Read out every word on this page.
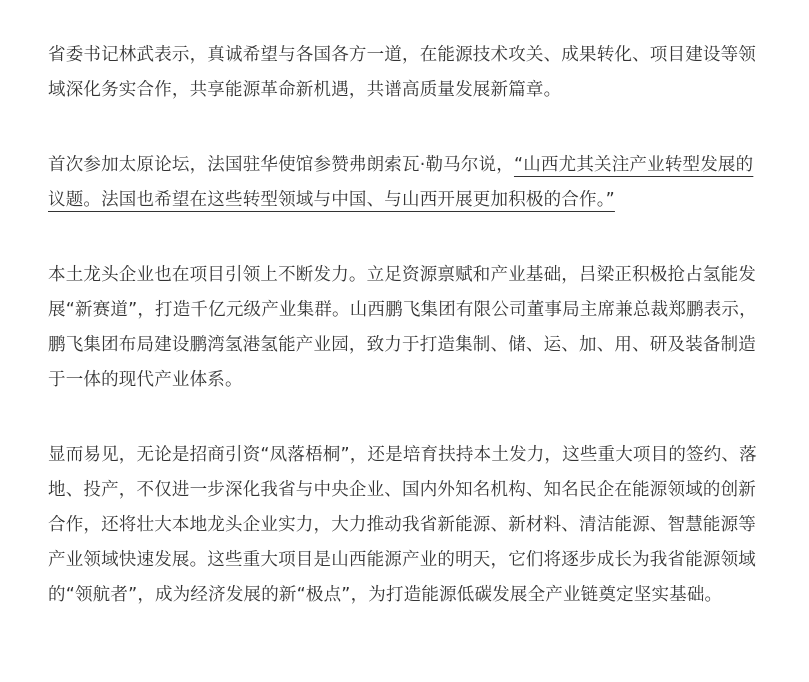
省委书记林武表示，真诚希望与各国各方一道，在能源技术攻关、成果转化、项目建设等领域深化务实合作，共享能源革命新机遇，共谱高质量发展新篇章。

首次参加太原论坛，法国驻华使馆参赞弗朗索瓦·勒马尔说，“山西尤其关注产业转型发展的议题。法国也希望在这些转型领域与中国、与山西开展更加积极的合作。”

本土龙头企业也在项目引领上不断发力。立足资源禀赋和产业基础，吕梁正积极抢占氢能发展“新赛道”，打造千亿元级产业集群。山西鹏飞集团有限公司董事局主席兼总裁郑鹏表示，鹏飞集团布局建设鹏湾氢港氢能产业园，致力于打造集制、储、运、加、用、研及装备制造于一体的现代产业体系。

显而易见，无论是招商引资“凤落梧桐”，还是培育扶持本土发力，这些重大项目的签约、落地、投产，不仅进一步深化我省与中央企业、国内外知名机构、知名民企在能源领域的创新合作，还将壮大本地龙头企业实力，大力推动我省新能源、新材料、清洁能源、智慧能源等产业领域快速发展。这些重大项目是山西能源产业的明天，它们将逐步成长为我省能源领域的“领航者”，成为经济发展的新“极点”，为打造能源低碳发展全产业链奠定坚实基础。
